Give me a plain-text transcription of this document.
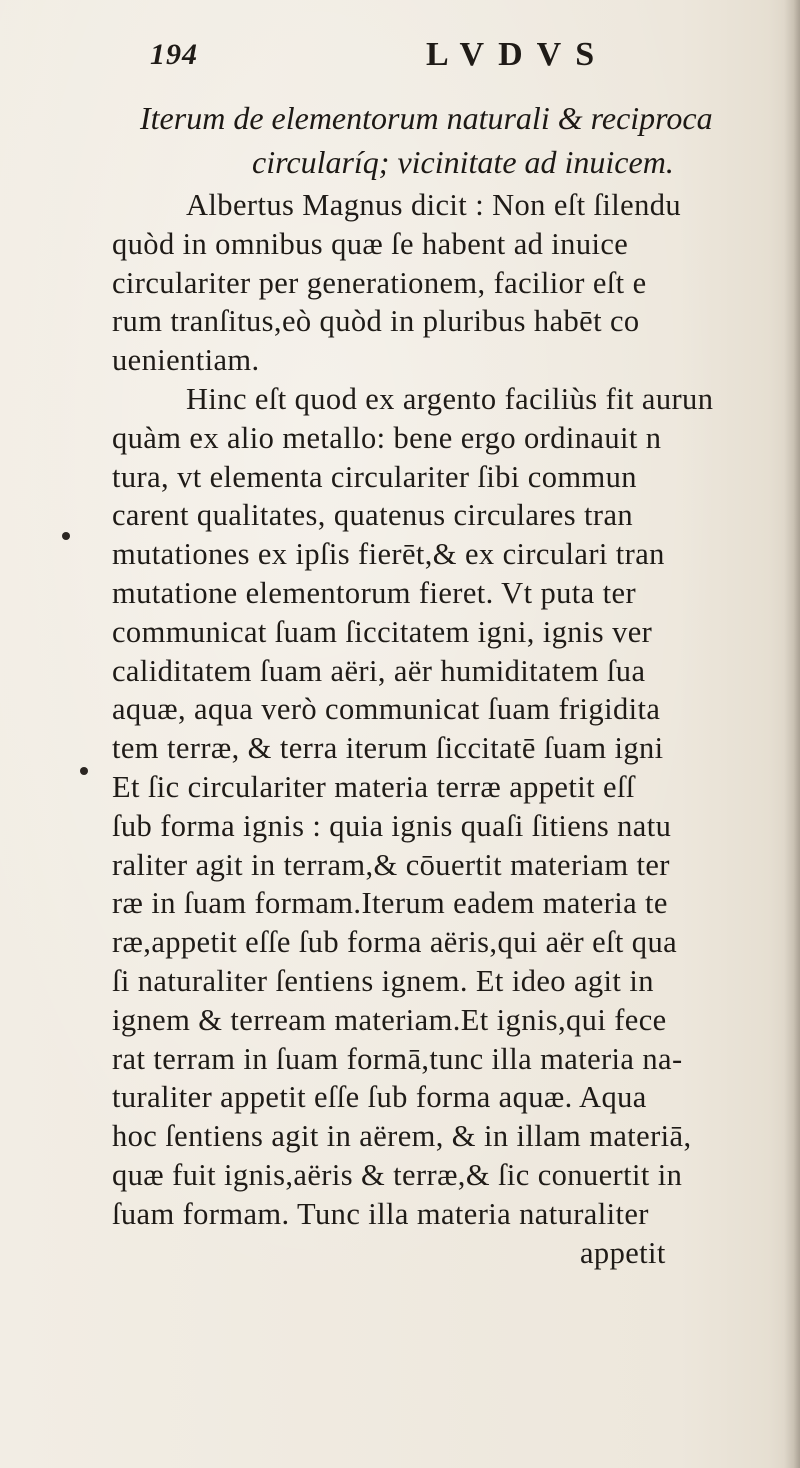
194	LVDVS
Iterum de elementorum naturali & reciproca
circularíq; vicinitate ad inuicem.
Albertus Magnus dicit : Non eſt ſilendu
quòd in omnibus quæ ſe habent ad inuice
circulariter per generationem, facilior eſt e
rum tranſitus,eò quòd in pluribus habēt co
uenientiam.
Hinc eſt quod ex argento faciliùs fit aurun
quàm ex alio metallo: bene ergo ordinauit n
tura, vt elementa circulariter ſibi commun
carent qualitates, quatenus circulares tran
mutationes ex ipſis fierēt,& ex circulari tran
mutatione elementorum fieret. Vt puta ter
communicat ſuam ſiccitatem igni, ignis ver
caliditatem ſuam aëri, aër humiditatem ſua
aquæ, aqua verò communicat ſuam frigidita
tem terræ, & terra iterum ſiccitatē ſuam igni
Et ſic circulariter materia terræ appetit eſſ
ſub forma ignis : quia ignis quaſi ſitiens natu
raliter agit in terram,& cōuertit materiam ter
ræ in ſuam formam.Iterum eadem materia te
ræ,appetit eſſe ſub forma aëris,qui aër eſt qua
ſi naturaliter ſentiens ignem. Et ideo agit in
ignem & terream materiam.Et ignis,qui fece
rat terram in ſuam formā,tunc illa materia na-
turaliter appetit eſſe ſub forma aquæ. Aqua
hoc ſentiens agit in aërem, & in illam materiā,
quæ fuit ignis,aëris & terræ,& ſic conuertit in
ſuam formam. Tunc illa materia naturaliter
appetit
